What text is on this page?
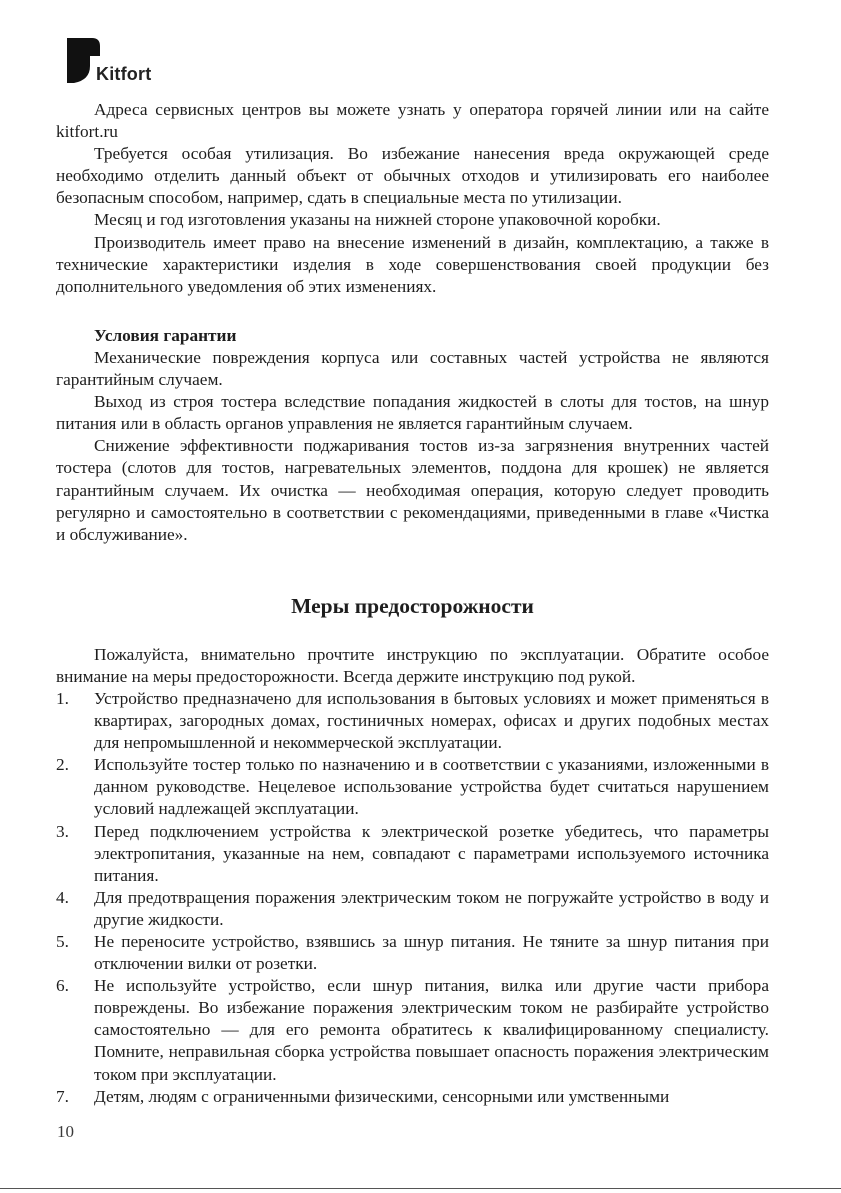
Kitfort

Адреса сервисных центров вы можете узнать у оператора горячей линии или на сайте kitfort.ru

Требуется особая утилизация. Во избежание нанесения вреда окружающей среде необходимо отделить данный объект от обычных отходов и утилизировать его наиболее безопасным способом, например, сдать в специальные места по утилизации.

Месяц и год изготовления указаны на нижней стороне упаковочной коробки.

Производитель имеет право на внесение изменений в дизайн, комплектацию, а также в технические характеристики изделия в ходе совершенствования своей продукции без дополнительного уведомления об этих изменениях.

Условия гарантии

Механические повреждения корпуса или составных частей устройства не являются гарантийным случаем.

Выход из строя тостера вследствие попадания жидкостей в слоты для тостов, на шнур питания или в область органов управления не является гарантийным случаем.

Снижение эффективности поджаривания тостов из-за загрязнения внутренних частей тостера (слотов для тостов, нагревательных элементов, поддона для крошек) не является гарантийным случаем. Их очистка — необходимая операция, которую следует проводить регулярно и самостоятельно в соответствии с рекомендациями, приведенными в главе «Чистка и обслуживание».

Меры предосторожности

Пожалуйста, внимательно прочтите инструкцию по эксплуатации. Обратите особое внимание на меры предосторожности. Всегда держите инструкцию под рукой.

1. Устройство предназначено для использования в бытовых условиях и может применяться в квартирах, загородных домах, гостиничных номерах, офисах и других подобных местах для непромышленной и некоммерческой эксплуатации.
2. Используйте тостер только по назначению и в соответствии с указаниями, изложенными в данном руководстве. Нецелевое использование устройства будет считаться нарушением условий надлежащей эксплуатации.
3. Перед подключением устройства к электрической розетке убедитесь, что параметры электропитания, указанные на нем, совпадают с параметрами используемого источника питания.
4. Для предотвращения поражения электрическим током не погружайте устройство в воду и другие жидкости.
5. Не переносите устройство, взявшись за шнур питания. Не тяните за шнур питания при отключении вилки от розетки.
6. Не используйте устройство, если шнур питания, вилка или другие части прибора повреждены. Во избежание поражения электрическим током не разбирайте устройство самостоятельно — для его ремонта обратитесь к квалифицированному специалисту. Помните, неправильная сборка устройства повышает опасность поражения электрическим током при эксплуатации.
7. Детям, людям с ограниченными физическими, сенсорными или умственными
10
